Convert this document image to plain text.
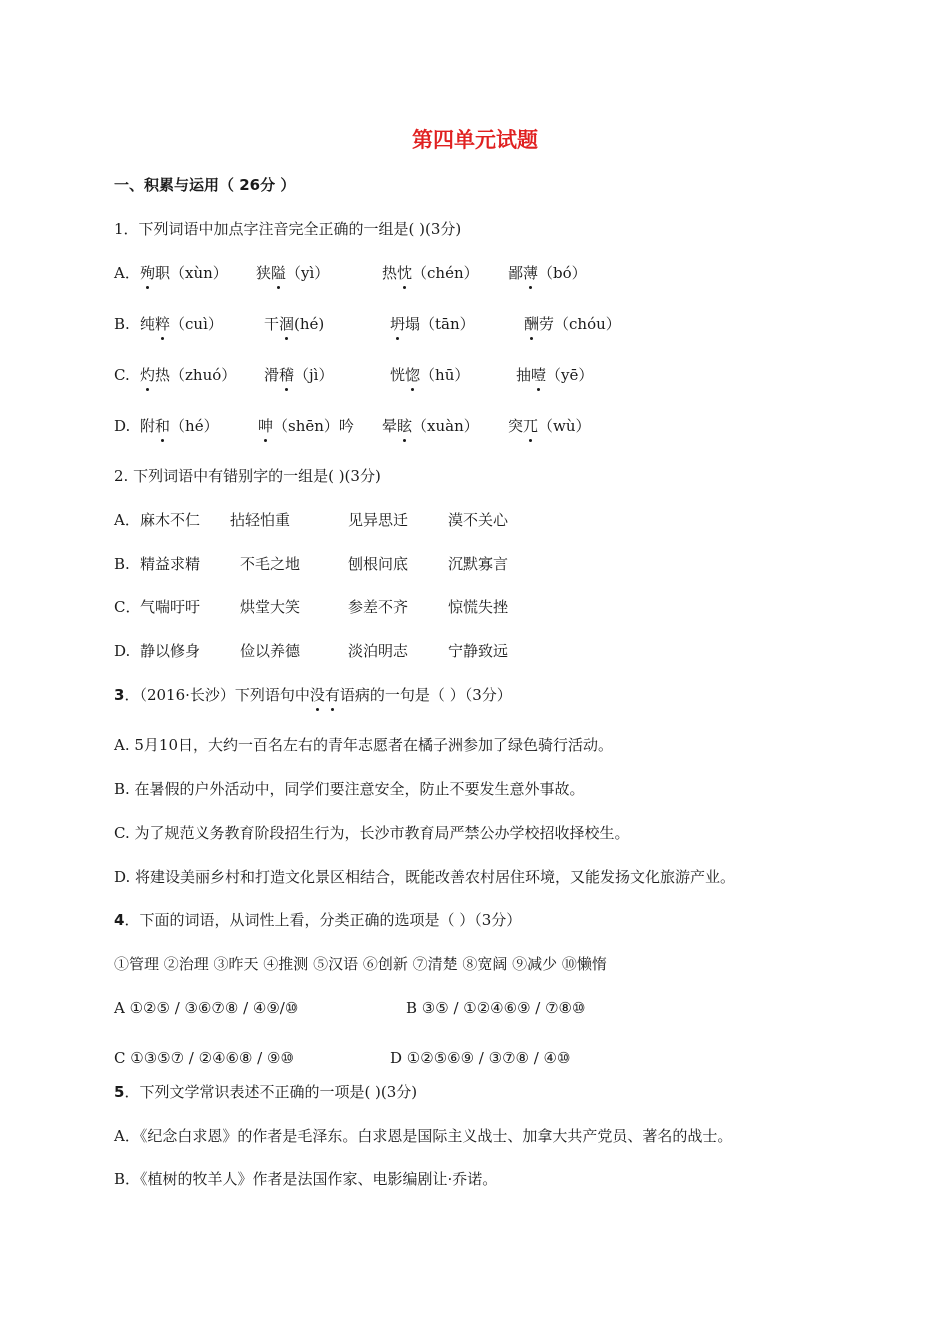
第四单元试题
一、积累与运用（ 26分 ）
1．下列词语中加点字注音完全正确的一组是( )(3分)
A．殉职（xùn） 狭隘（yì）	热忱（chén） 鄙薄（bó）
B. 纯粹（cuì）	干涸(hé)	坍塌（tān）	酬劳（chóu）
C. 灼热（zhuó） 滑稽（jì）	恍惚（hū）	抽噎（yē）
D. 附和（hé）	呻（shēn）吟 晕眩（xuàn） 突兀（wù）
2. 下列词语中有错别字的一组是( )(3分)
A．麻木不仁 拈轻怕重	见异思迁	漠不关心
B. 精益求精	不毛之地	刨根问底	沉默寡言
C．气喘吁吁	烘堂大笑	参差不齐	惊慌失挫
D. 静以修身	俭以养德	淡泊明志	宁静致远
3．（2016·长沙）下列语句中没有语病的一句是（ ）（3分）
A. 5月10日，大约一百名左右的青年志愿者在橘子洲参加了绿色骑行活动。
B. 在暑假的户外活动中，同学们要注意安全，防止不要发生意外事故。
C. 为了规范义务教育阶段招生行为，长沙市教育局严禁公办学校招收择校生。
D. 将建设美丽乡村和打造文化景区相结合，既能改善农村居住环境，又能发扬文化旅游产业。
4．下面的词语，从词性上看，分类正确的选项是（ ）（3分）
①管理 ②治理 ③昨天 ④推测 ⑤汉语 ⑥创新 ⑦清楚 ⑧宽阔 ⑨减少 ⑩懒惰
A ①②⑤ / ③⑥⑦⑧ / ④⑨/⑩	B ③⑤ / ①②④⑥⑨ / ⑦⑧⑩
C ①③⑤⑦ / ②④⑥⑧ / ⑨⑩	D ①②⑤⑥⑨ / ③⑦⑧ / ④⑩
5．下列文学常识表述不正确的一项是( )(3分)
A．《纪念白求恩》的作者是毛泽东。白求恩是国际主义战士、加拿大共产党员、著名的战士。
B．《植树的牧羊人》作者是法国作家、电影编剧让·乔诺。
